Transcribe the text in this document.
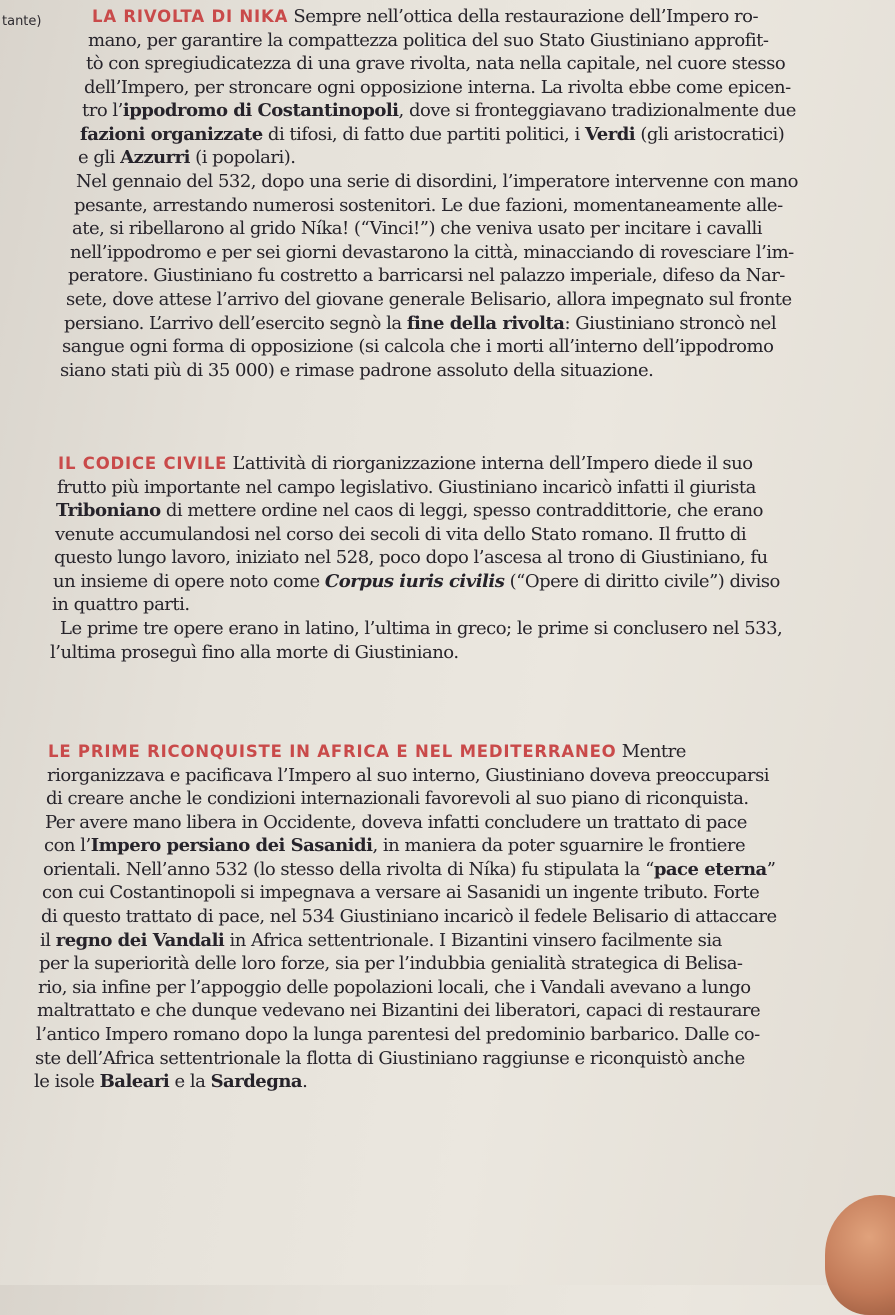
tante)	LA RIVOLTA DI NIKA Sempre nell’ottica della restaurazione dell’Impero ro-
mano, per garantire la compattezza politica del suo Stato Giustiniano approfit-
tò con spregiudicatezza di una grave rivolta, nata nella capitale, nel cuore stesso
dell’Impero, per stroncare ogni opposizione interna. La rivolta ebbe come epicen-
tro l’ippodromo di Costantinopoli, dove si fronteggiavano tradizionalmente due
fazioni organizzate di tifosi, di fatto due partiti politici, i Verdi (gli aristocratici)
e gli Azzurri (i popolari).
Nel gennaio del 532, dopo una serie di disordini, l’imperatore intervenne con mano
pesante, arrestando numerosi sostenitori. Le due fazioni, momentaneamente alle-
ate, si ribellarono al grido Níka! (“Vinci!”) che veniva usato per incitare i cavalli
nell’ippodromo e per sei giorni devastarono la città, minacciando di rovesciare l’im-
peratore. Giustiniano fu costretto a barricarsi nel palazzo imperiale, difeso da Nar-
sete, dove attese l’arrivo del giovane generale Belisario, allora impegnato sul fronte
persiano. L’arrivo dell’esercito segnò la fine della rivolta: Giustiniano stroncò nel
sangue ogni forma di opposizione (si calcola che i morti all’interno dell’ippodromo
siano stati più di 35 000) e rimase padrone assoluto della situazione.
IL CODICE CIVILE L’attività di riorganizzazione interna dell’Impero diede il suo
frutto più importante nel campo legislativo. Giustiniano incaricò infatti il giurista
Triboniano di mettere ordine nel caos di leggi, spesso contraddittorie, che erano
venute accumulandosi nel corso dei secoli di vita dello Stato romano. Il frutto di
questo lungo lavoro, iniziato nel 528, poco dopo l’ascesa al trono di Giustiniano, fu
un insieme di opere noto come Corpus iuris civilis (“Opere di diritto civile”) diviso
in quattro parti.
Le prime tre opere erano in latino, l’ultima in greco; le prime si conclusero nel 533,
l’ultima proseguì fino alla morte di Giustiniano.
LE PRIME RICONQUISTE IN AFRICA E NEL MEDITERRANEO Mentre
riorganizzava e pacificava l’Impero al suo interno, Giustiniano doveva preoccuparsi
di creare anche le condizioni internazionali favorevoli al suo piano di riconquista.
Per avere mano libera in Occidente, doveva infatti concludere un trattato di pace
con l’Impero persiano dei Sasanidi, in maniera da poter sguarnire le frontiere
orientali. Nell’anno 532 (lo stesso della rivolta di Níka) fu stipulata la “pace eterna”
con cui Costantinopoli si impegnava a versare ai Sasanidi un ingente tributo. Forte
di questo trattato di pace, nel 534 Giustiniano incaricò il fedele Belisario di attaccare
il regno dei Vandali in Africa settentrionale. I Bizantini vinsero facilmente sia
per la superiorità delle loro forze, sia per l’indubbia genialità strategica di Belisa-
rio, sia infine per l’appoggio delle popolazioni locali, che i Vandali avevano a lungo
maltrattato e che dunque vedevano nei Bizantini dei liberatori, capaci di restaurare
l’antico Impero romano dopo la lunga parentesi del predominio barbarico. Dalle co-
ste dell’Africa settentrionale la flotta di Giustiniano raggiunse e riconquistò anche
le isole Baleari e la Sardegna.
